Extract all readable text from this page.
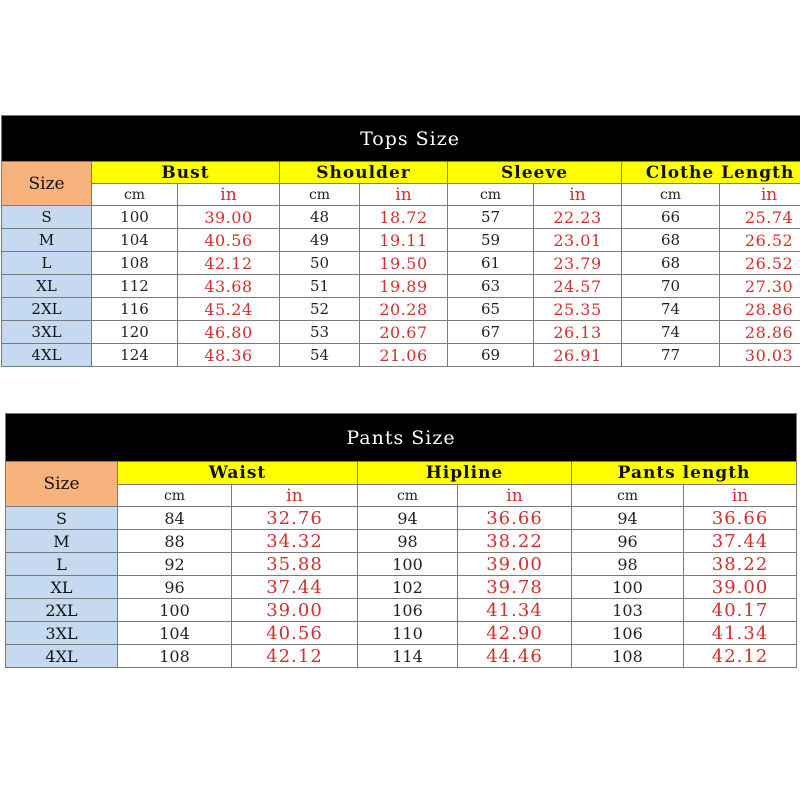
Tops Size								
Size	Bust		Shoulder		Sleeve		Clothe Length	
	cm	in	cm	in	cm	in	cm	in
S	100	39.00	48	18.72	57	22.23	66	25.74
M	104	40.56	49	19.11	59	23.01	68	26.52
L	108	42.12	50	19.50	61	23.79	68	26.52
XL	112	43.68	51	19.89	63	24.57	70	27.30
2XL	116	45.24	52	20.28	65	25.35	74	28.86
3XL	120	46.80	53	20.67	67	26.13	74	28.86
4XL	124	48.36	54	21.06	69	26.91	77	30.03
Pants Size						
Size	Waist		Hipline		Pants length	
	cm	in	cm	in	cm	in
S	84	32.76	94	36.66	94	36.66
M	88	34.32	98	38.22	96	37.44
L	92	35.88	100	39.00	98	38.22
XL	96	37.44	102	39.78	100	39.00
2XL	100	39.00	106	41.34	103	40.17
3XL	104	40.56	110	42.90	106	41.34
4XL	108	42.12	114	44.46	108	42.12
